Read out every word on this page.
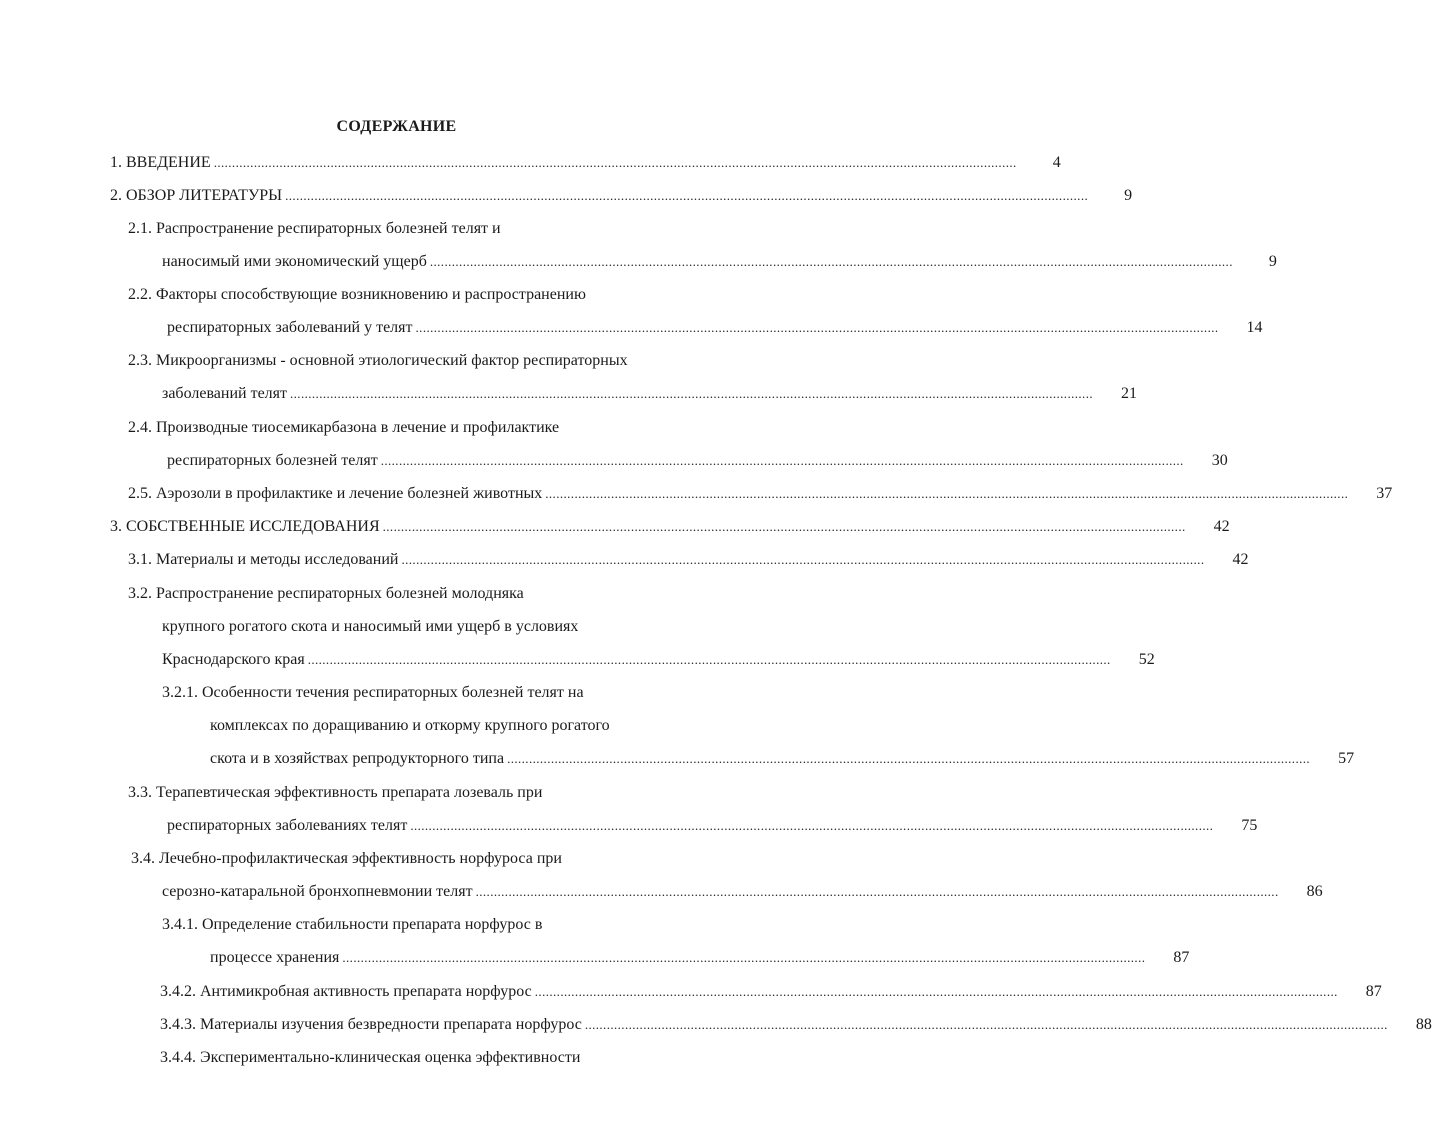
СОДЕРЖАНИЕ
1. ВВЕДЕНИЕ ............................................................................................................................................................................................................................	4
2. ОБЗОР ЛИТЕРАТУРЫ ............................................................................................................................................................................................................................	9
2.1. Распространение респираторных болезней телят и
наносимый ими экономический ущерб ............................................................................................................................................................................................................................	9
2.2. Факторы способствующие возникновению и распространению
респираторных заболеваний у телят ............................................................................................................................................................................................................................	14
2.3. Микроорганизмы - основной этиологический фактор респираторных
заболеваний телят ............................................................................................................................................................................................................................	21
2.4. Производные тиосемикарбазона в лечение и профилактике
респираторных болезней телят ............................................................................................................................................................................................................................	30
2.5. Аэрозоли в профилактике и лечение болезней животных ............................................................................................................................................................................................................................	37
3. СОБСТВЕННЫЕ ИССЛЕДОВАНИЯ ............................................................................................................................................................................................................................	42
3.1. Материалы и методы исследований ............................................................................................................................................................................................................................	42
3.2. Распространение респираторных болезней молодняка
крупного рогатого скота и наносимый ими ущерб в условиях
Краснодарского края ............................................................................................................................................................................................................................	52
3.2.1. Особенности течения респираторных болезней телят на
комплексах по доращиванию и откорму крупного рогатого
скота и в хозяйствах репродукторного типа ............................................................................................................................................................................................................................	57
3.3. Терапевтическая эффективность препарата лозеваль при
респираторных заболеваниях телят ............................................................................................................................................................................................................................	75
3.4. Лечебно-профилактическая эффективность норфуроса при
серозно-катаральной бронхопневмонии телят ............................................................................................................................................................................................................................	86
3.4.1. Определение стабильности препарата норфурос в
процессе хранения ............................................................................................................................................................................................................................	87
3.4.2. Антимикробная активность препарата норфурос ............................................................................................................................................................................................................................	87
3.4.3. Материалы изучения безвредности препарата норфурос ............................................................................................................................................................................................................................	88
3.4.4. Экспериментально-клиническая оценка эффективности
